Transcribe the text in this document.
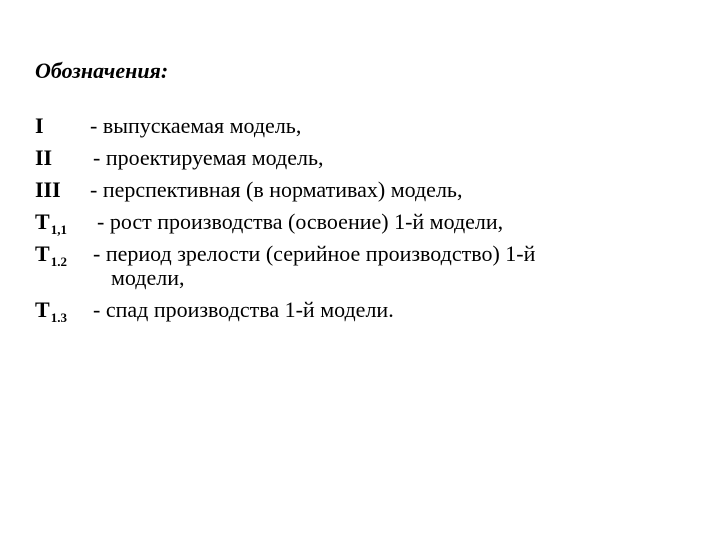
Обозначения:
I - выпускаемая модель,
II - проектируемая модель,
III - перспективная (в нормативах) модель,
$T_{1,1}$ - рост производства (освоение) 1-й модели,
$T_{1.2}$ - период зрелости (серийное производство) 1-й
модели,
$T_{1.3}$ - спад производства 1-й модели.
